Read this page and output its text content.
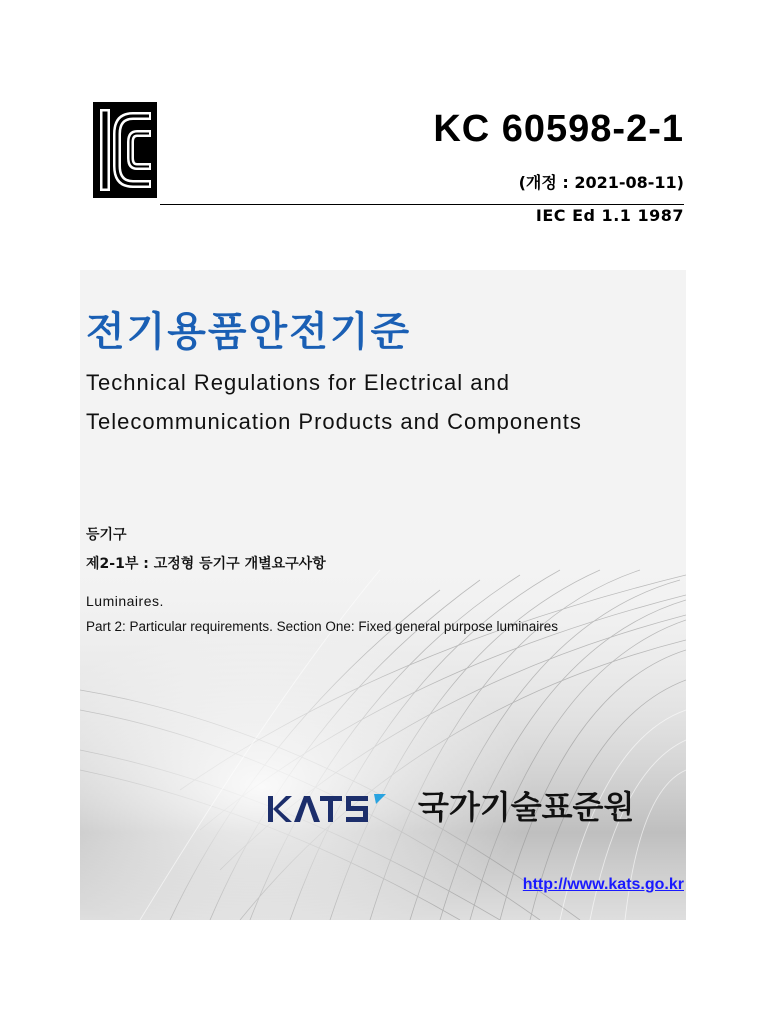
KC 60598-2-1
(개정 : 2021-08-11)
IEC Ed 1.1 1987
전기용품안전기준
Technical Regulations for Electrical and
Telecommunication Products and Components
등기구
제2-1부 : 고정형 등기구 개별요구사항
Luminaires.
Part 2: Particular requirements. Section One: Fixed general purpose luminaires
국가기술표준원
http://www.kats.go.kr
